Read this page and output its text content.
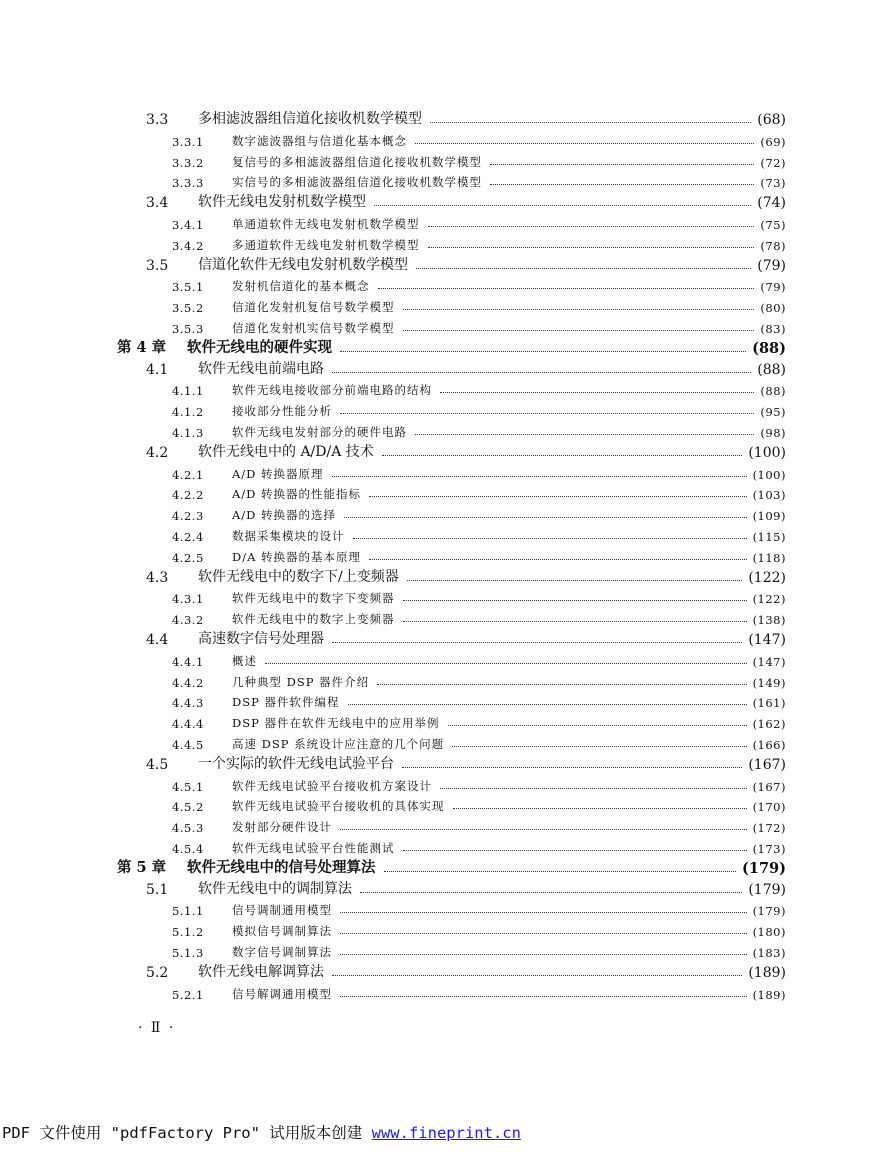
3.3	多相滤波器组信道化接收机数学模型	(68)
3.3.1	数字滤波器组与信道化基本概念	(69)
3.3.2	复信号的多相滤波器组信道化接收机数学模型	(72)
3.3.3	实信号的多相滤波器组信道化接收机数学模型	(73)
3.4	软件无线电发射机数学模型	(74)
3.4.1	单通道软件无线电发射机数学模型	(75)
3.4.2	多通道软件无线电发射机数学模型	(78)
3.5	信道化软件无线电发射机数学模型	(79)
3.5.1	发射机信道化的基本概念	(79)
3.5.2	信道化发射机复信号数学模型	(80)
3.5.3	信道化发射机实信号数学模型	(83)
第 4 章	软件无线电的硬件实现	(88)
4.1	软件无线电前端电路	(88)
4.1.1	软件无线电接收部分前端电路的结构	(88)
4.1.2	接收部分性能分析	(95)
4.1.3	软件无线电发射部分的硬件电路	(98)
4.2	软件无线电中的 A/D/A 技术	(100)
4.2.1	A/D 转换器原理	(100)
4.2.2	A/D 转换器的性能指标	(103)
4.2.3	A/D 转换器的选择	(109)
4.2.4	数据采集模块的设计	(115)
4.2.5	D/A 转换器的基本原理	(118)
4.3	软件无线电中的数字下/上变频器	(122)
4.3.1	软件无线电中的数字下变频器	(122)
4.3.2	软件无线电中的数字上变频器	(138)
4.4	高速数字信号处理器	(147)
4.4.1	概述	(147)
4.4.2	几种典型 DSP 器件介绍	(149)
4.4.3	DSP 器件软件编程	(161)
4.4.4	DSP 器件在软件无线电中的应用举例	(162)
4.4.5	高速 DSP 系统设计应注意的几个问题	(166)
4.5	一个实际的软件无线电试验平台	(167)
4.5.1	软件无线电试验平台接收机方案设计	(167)
4.5.2	软件无线电试验平台接收机的具体实现	(170)
4.5.3	发射部分硬件设计	(172)
4.5.4	软件无线电试验平台性能测试	(173)
第 5 章	软件无线电中的信号处理算法	(179)
5.1	软件无线电中的调制算法	(179)
5.1.1	信号调制通用模型	(179)
5.1.2	模拟信号调制算法	(180)
5.1.3	数字信号调制算法	(183)
5.2	软件无线电解调算法	(189)
5.2.1	信号解调通用模型	(189)
· Ⅱ ·
PDF 文件使用 "pdfFactory Pro" 试用版本创建 www.fineprint.cn
